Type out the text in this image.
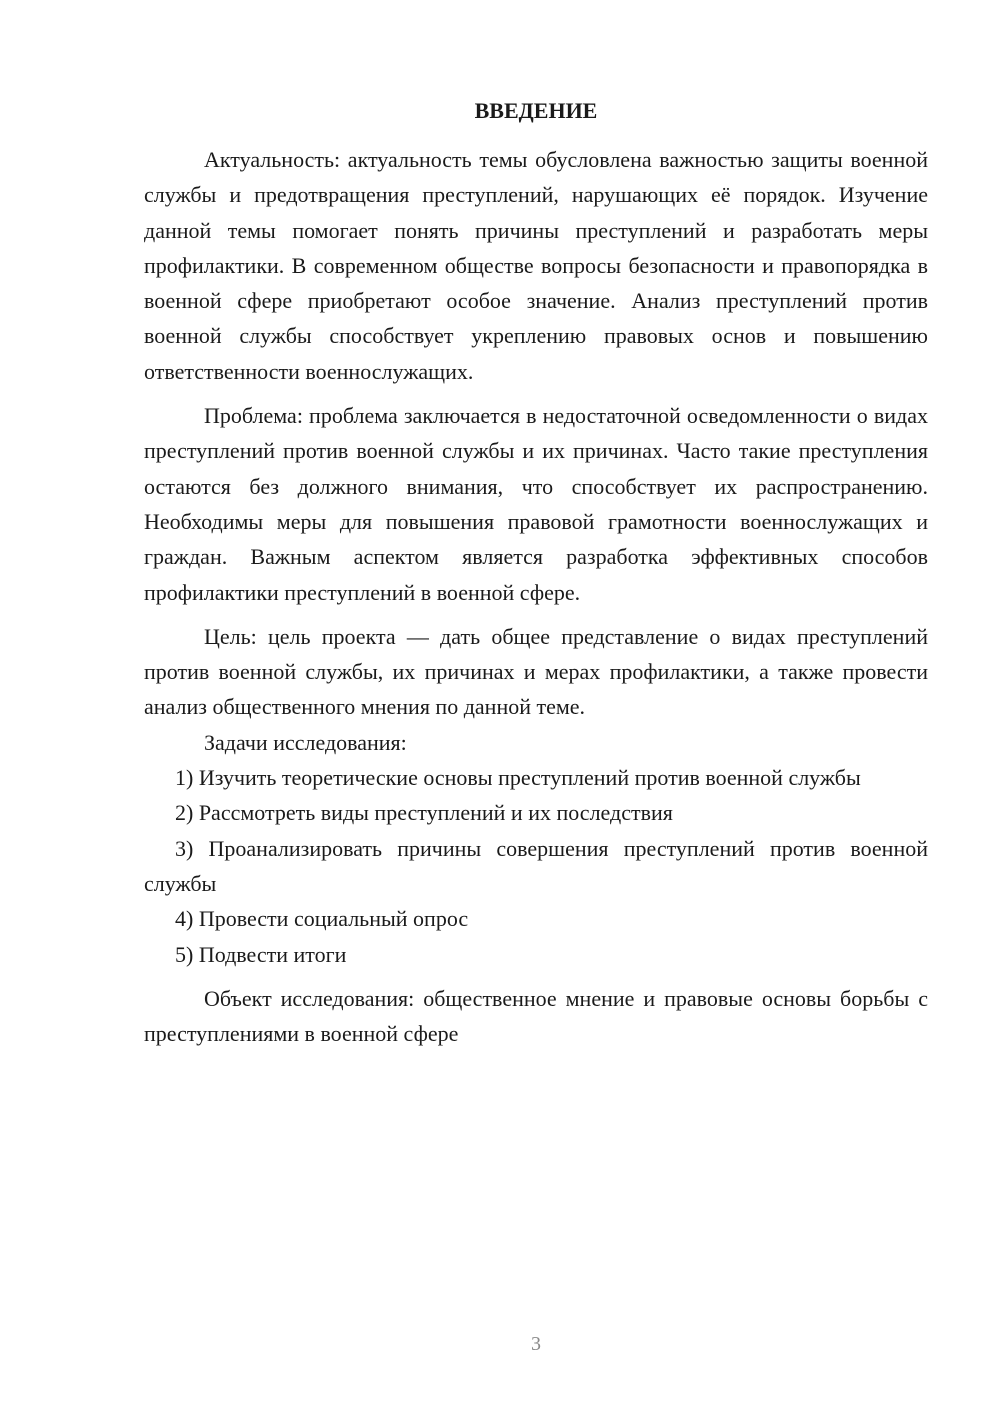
ВВЕДЕНИЕ

Актуальность: актуальность темы обусловлена важностью защиты военной службы и предотвращения преступлений, нарушающих её порядок. Изучение данной темы помогает понять причины преступлений и разработать меры профилактики. В современном обществе вопросы безопасности и правопорядка в военной сфере приобретают особое значение. Анализ преступлений против военной службы способствует укреплению правовых основ и повышению ответственности военнослужащих.

Проблема: проблема заключается в недостаточной осведомленности о видах преступлений против военной службы и их причинах. Часто такие преступления остаются без должного внимания, что способствует их распространению. Необходимы меры для повышения правовой грамотности военнослужащих и граждан. Важным аспектом является разработка эффективных способов профилактики преступлений в военной сфере.

Цель: цель проекта — дать общее представление о видах преступлений против военной службы, их причинах и мерах профилактики, а также провести анализ общественного мнения по данной теме.

Задачи исследования:

1) Изучить теоретические основы преступлений против военной службы

2) Рассмотреть виды преступлений и их последствия

3) Проанализировать причины совершения преступлений против военной службы

4) Провести социальный опрос

5) Подвести итоги

Объект исследования: общественное мнение и правовые основы борьбы с преступлениями в военной сфере

3
